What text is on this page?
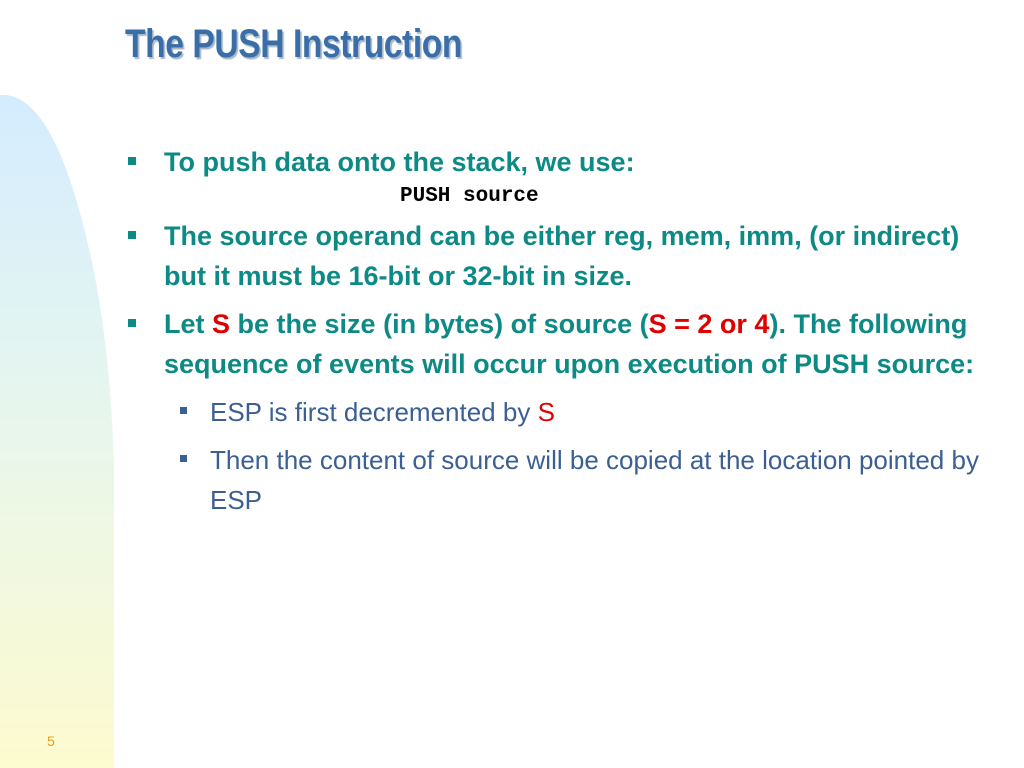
The PUSH Instruction
To push data onto the stack, we use:
PUSH source
The source operand can be either reg, mem, imm, (or indirect) but it must be 16-bit or 32-bit in size.
Let S be the size (in bytes) of source (S = 2 or 4). The following sequence of events will occur upon execution of PUSH source:
ESP is first decremented by S
Then the content of source will be copied at the location pointed by ESP
5
